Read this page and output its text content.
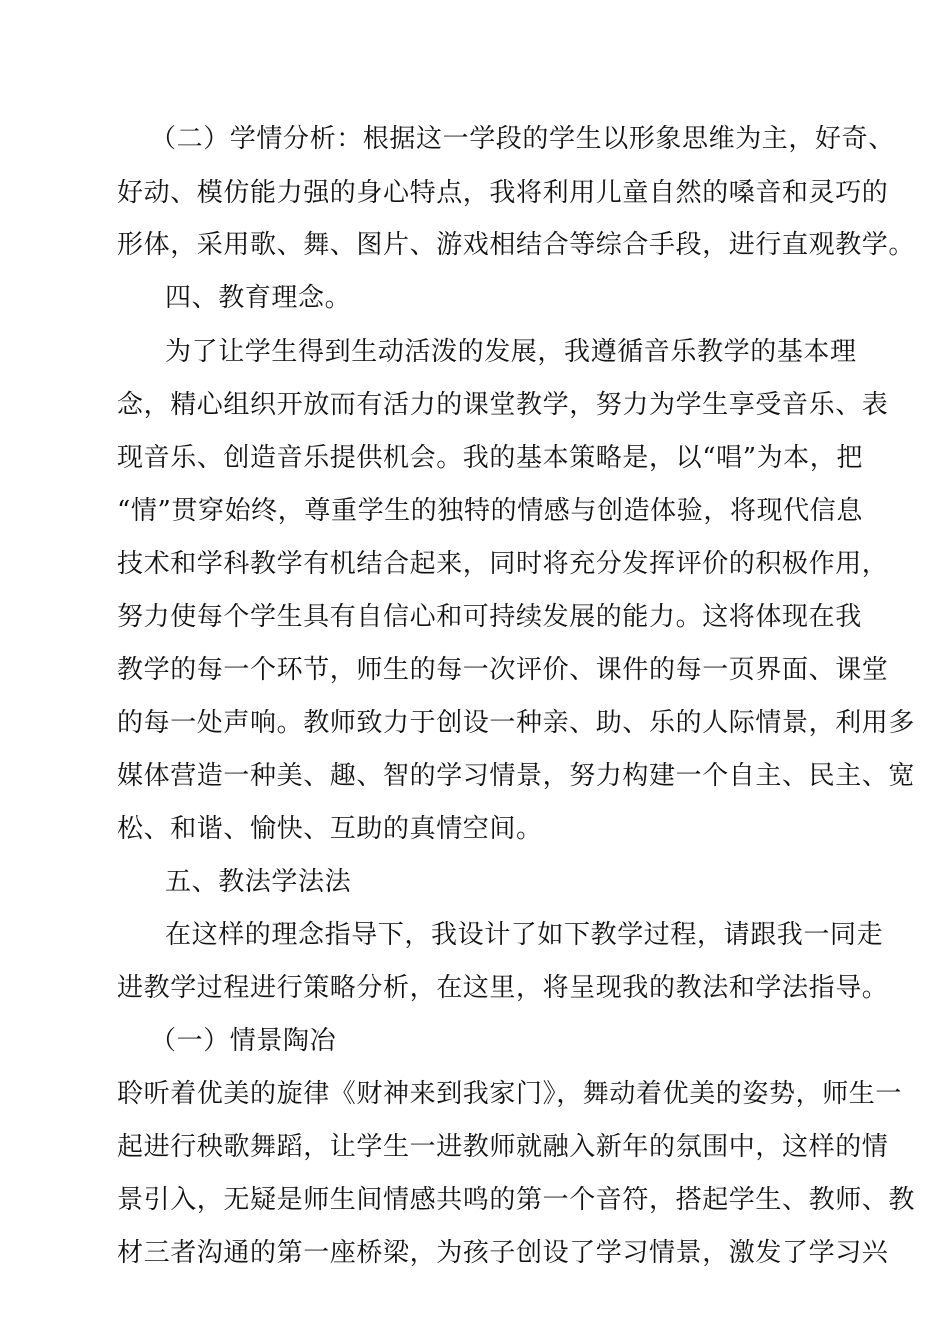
（二）学情分析：根据这一学段的学生以形象思维为主，好奇、
好动、模仿能力强的身心特点，我将利用儿童自然的嗓音和灵巧的
形体，采用歌、舞、图片、游戏相结合等综合手段，进行直观教学。
四、教育理念。
为了让学生得到生动活泼的发展，我遵循音乐教学的基本理
念，精心组织开放而有活力的课堂教学，努力为学生享受音乐、表
现音乐、创造音乐提供机会。我的基本策略是，以“唱”为本，把
“情”贯穿始终，尊重学生的独特的情感与创造体验，将现代信息
技术和学科教学有机结合起来，同时将充分发挥评价的积极作用，
努力使每个学生具有自信心和可持续发展的能力。这将体现在我
教学的每一个环节，师生的每一次评价、课件的每一页界面、课堂
的每一处声响。教师致力于创设一种亲、助、乐的人际情景，利用多
媒体营造一种美、趣、智的学习情景，努力构建一个自主、民主、宽
松、和谐、愉快、互助的真情空间。
五、教法学法法
在这样的理念指导下，我设计了如下教学过程，请跟我一同走
进教学过程进行策略分析，在这里，将呈现我的教法和学法指导。
（一）情景陶冶
聆听着优美的旋律《财神来到我家门》，舞动着优美的姿势，师生一
起进行秧歌舞蹈，让学生一进教师就融入新年的氛围中，这样的情
景引入，无疑是师生间情感共鸣的第一个音符，搭起学生、教师、教
材三者沟通的第一座桥梁，为孩子创设了学习情景，激发了学习兴
